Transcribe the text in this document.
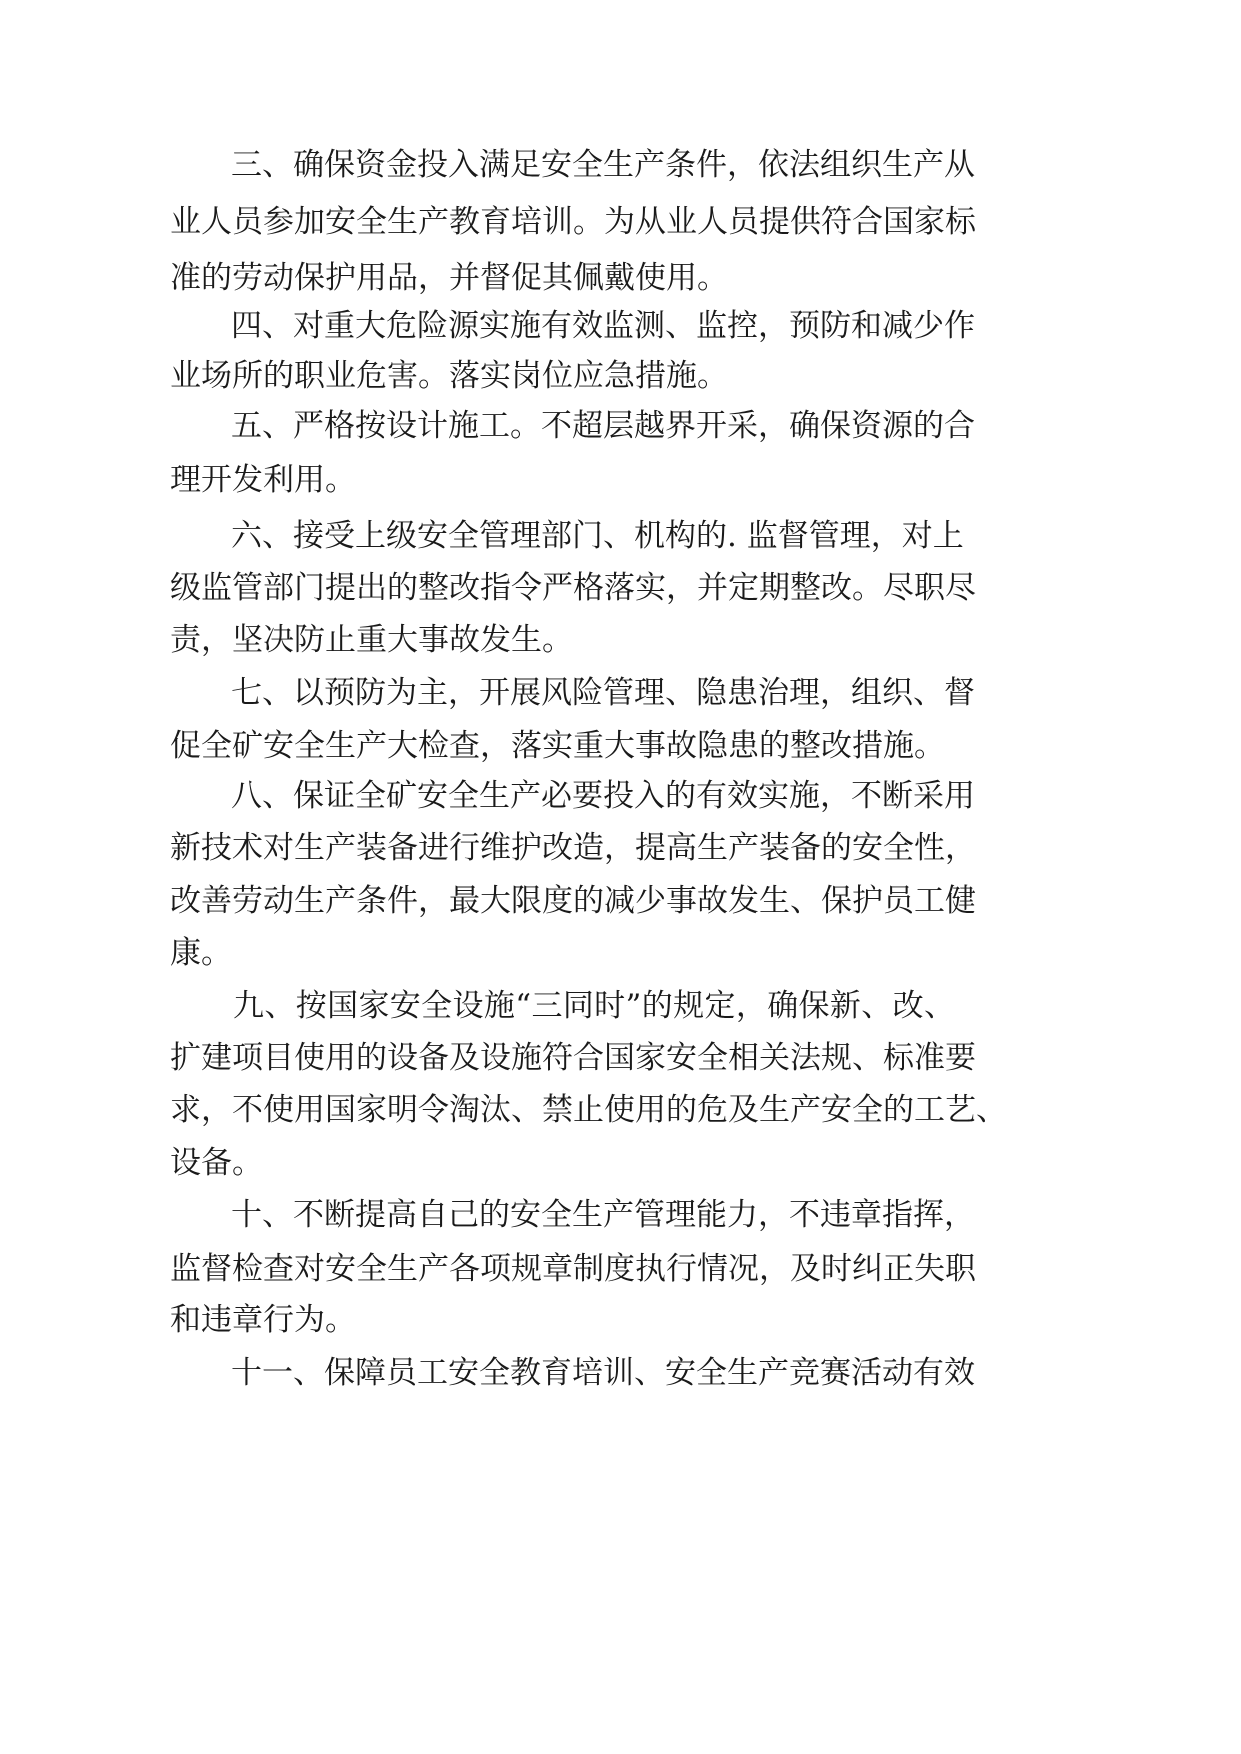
三、确保资金投入满足安全生产条件，依法组织生产从
业人员参加安全生产教育培训。为从业人员提供符合国家标
准的劳动保护用品，并督促其佩戴使用。
四、对重大危险源实施有效监测、监控，预防和减少作
业场所的职业危害。落实岗位应急措施。
五、严格按设计施工。不超层越界开采，确保资源的合
理开发利用。
六、接受上级安全管理部门、机构的. 监督管理，对上
级监管部门提出的整改指令严格落实，并定期整改。尽职尽
责，坚决防止重大事故发生。
七、以预防为主，开展风险管理、隐患治理，组织、督
促全矿安全生产大检查，落实重大事故隐患的整改措施。
八、保证全矿安全生产必要投入的有效实施，不断采用
新技术对生产装备进行维护改造，提高生产装备的安全性，
改善劳动生产条件，最大限度的减少事故发生、保护员工健
康。
九、按国家安全设施“三同时”的规定，确保新、改、
扩建项目使用的设备及设施符合国家安全相关法规、标准要
求，不使用国家明令淘汰、禁止使用的危及生产安全的工艺、
设备。
十、不断提高自己的安全生产管理能力，不违章指挥，
监督检查对安全生产各项规章制度执行情况，及时纠正失职
和违章行为。
十一、保障员工安全教育培训、安全生产竞赛活动有效
